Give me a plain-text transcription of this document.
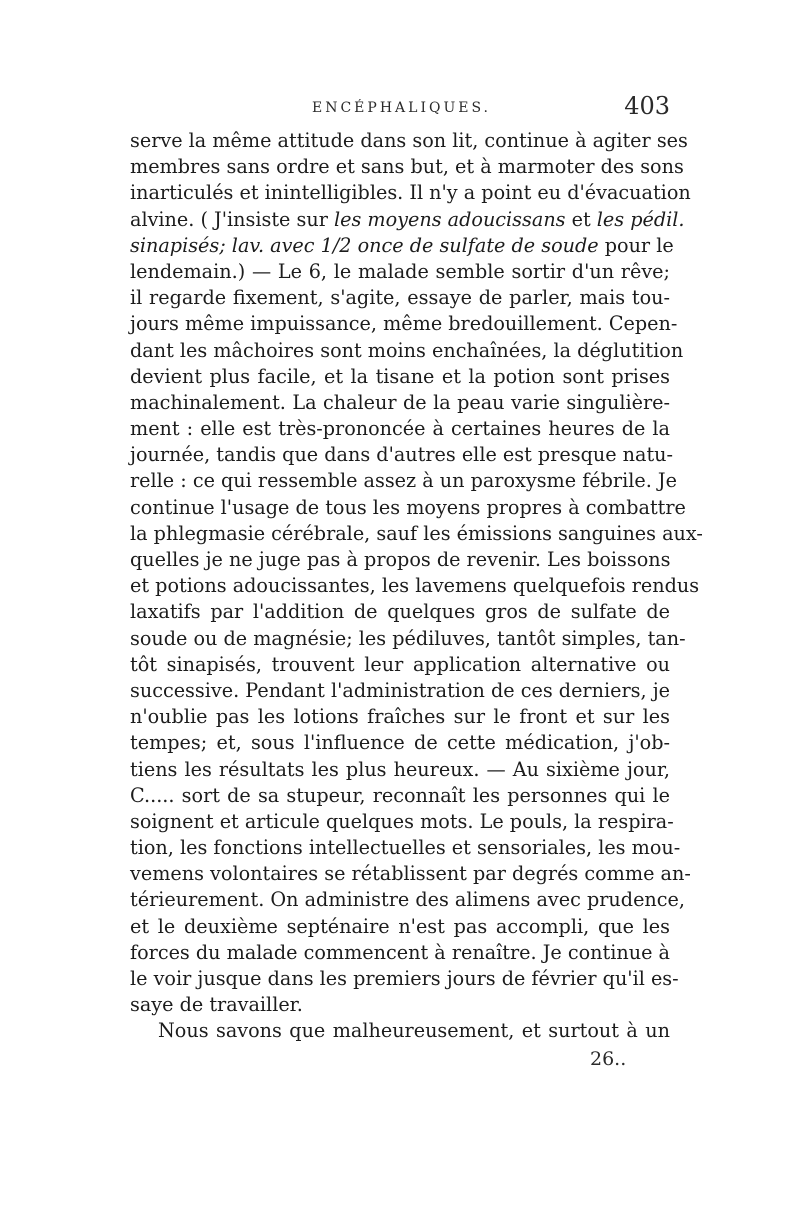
ENCÉPHALIQUES.	403
serve la même attitude dans son lit, continue à agiter ses
membres sans ordre et sans but, et à marmoter des sons
inarticulés et inintelligibles. Il n'y a point eu d'évacuation
alvine. ( J'insiste sur les moyens adoucissans et les pédil.
sinapisés; lav. avec 1/2 once de sulfate de soude pour le
lendemain.) — Le 6, le malade semble sortir d'un rêve;
il regarde fixement, s'agite, essaye de parler, mais tou-
jours même impuissance, même bredouillement. Cepen-
dant les mâchoires sont moins enchaînées, la déglutition
devient plus facile, et la tisane et la potion sont prises
machinalement. La chaleur de la peau varie singulière-
ment : elle est très-prononcée à certaines heures de la
journée, tandis que dans d'autres elle est presque natu-
relle : ce qui ressemble assez à un paroxysme fébrile. Je
continue l'usage de tous les moyens propres à combattre
la phlegmasie cérébrale, sauf les émissions sanguines aux-
quelles je ne juge pas à propos de revenir. Les boissons
et potions adoucissantes, les lavemens quelquefois rendus
laxatifs par l'addition de quelques gros de sulfate de
soude ou de magnésie; les pédiluves, tantôt simples, tan-
tôt sinapisés, trouvent leur application alternative ou
successive. Pendant l'administration de ces derniers, je
n'oublie pas les lotions fraîches sur le front et sur les
tempes; et, sous l'influence de cette médication, j'ob-
tiens les résultats les plus heureux. — Au sixième jour,
C..... sort de sa stupeur, reconnaît les personnes qui le
soignent et articule quelques mots. Le pouls, la respira-
tion, les fonctions intellectuelles et sensoriales, les mou-
vemens volontaires se rétablissent par degrés comme an-
térieurement. On administre des alimens avec prudence,
et le deuxième septénaire n'est pas accompli, que les
forces du malade commencent à renaître. Je continue à
le voir jusque dans les premiers jours de février qu'il es-
saye de travailler.
Nous savons que malheureusement, et surtout à un
26..
